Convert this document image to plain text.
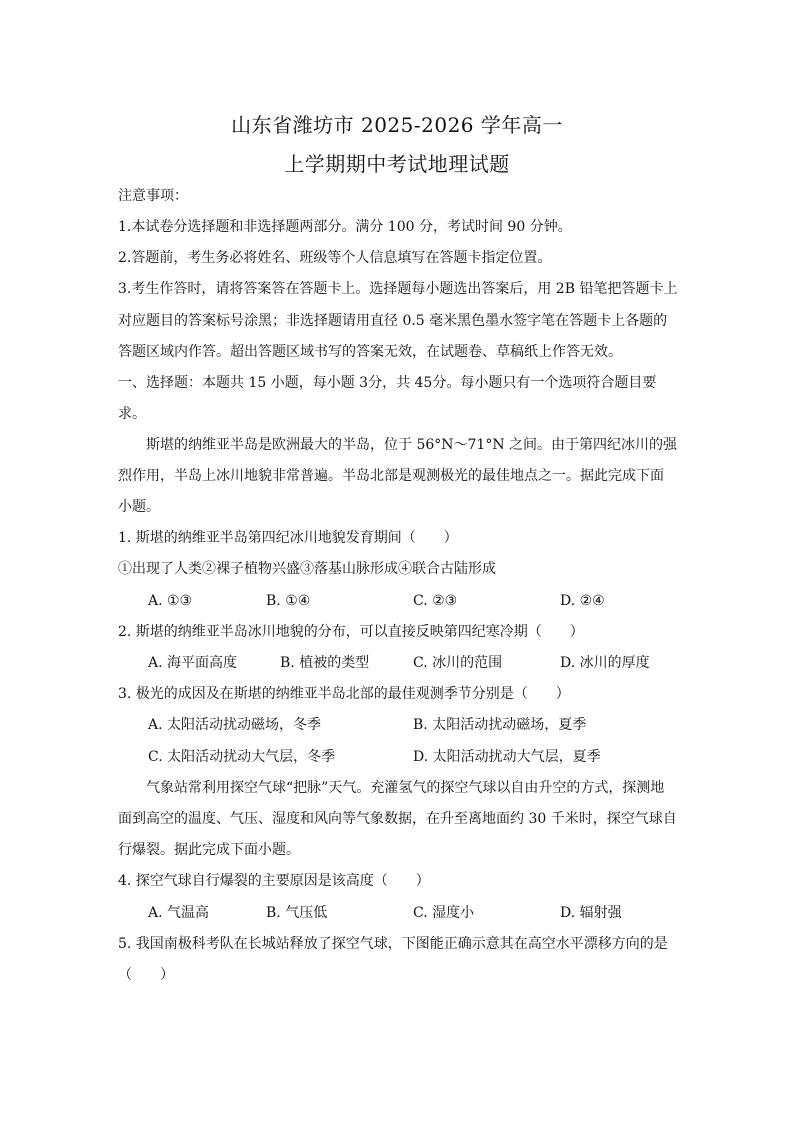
山东省潍坊市 2025-2026 学年高一
上学期期中考试地理试题
注意事项：
1.本试卷分选择题和非选择题两部分。满分 100 分，考试时间 90 分钟。
2.答题前，考生务必将姓名、班级等个人信息填写在答题卡指定位置。
3.考生作答时，请将答案答在答题卡上。选择题每小题选出答案后，用 2B 铅笔把答题卡上
对应题目的答案标号涂黑；非选择题请用直径 0.5 毫米黑色墨水签字笔在答题卡上各题的
答题区域内作答。超出答题区域书写的答案无效，在试题卷、草稿纸上作答无效。
一、选择题：本题共 15 小题，每小题 3分，共 45分。每小题只有一个选项符合题目要
求。
斯堪的纳维亚半岛是欧洲最大的半岛，位于 56°N～71°N 之间。由于第四纪冰川的强
烈作用，半岛上冰川地貌非常普遍。半岛北部是观测极光的最佳地点之一。据此完成下面
小题。
1. 斯堪的纳维亚半岛第四纪冰川地貌发育期间（　　）
①出现了人类②裸子植物兴盛③落基山脉形成④联合古陆形成
A. ①③	B. ①④	C. ②③	D. ②④
2. 斯堪的纳维亚半岛冰川地貌的分布，可以直接反映第四纪寒冷期（　　）
A. 海平面高度	B. 植被的类型	C. 冰川的范围	D. 冰川的厚度
3. 极光的成因及在斯堪的纳维亚半岛北部的最佳观测季节分别是（　　）
A. 太阳活动扰动磁场，冬季	B. 太阳活动扰动磁场，夏季
C. 太阳活动扰动大气层，冬季	D. 太阳活动扰动大气层，夏季
气象站常利用探空气球“把脉”天气。充灌氢气的探空气球以自由升空的方式，探测地
面到高空的温度、气压、湿度和风向等气象数据，在升至离地面约 30 千米时，探空气球自
行爆裂。据此完成下面小题。
4. 探空气球自行爆裂的主要原因是该高度（　　）
A. 气温高	B. 气压低	C. 湿度小	D. 辐射强
5. 我国南极科考队在长城站释放了探空气球，下图能正确示意其在高空水平漂移方向的是
（　　）
